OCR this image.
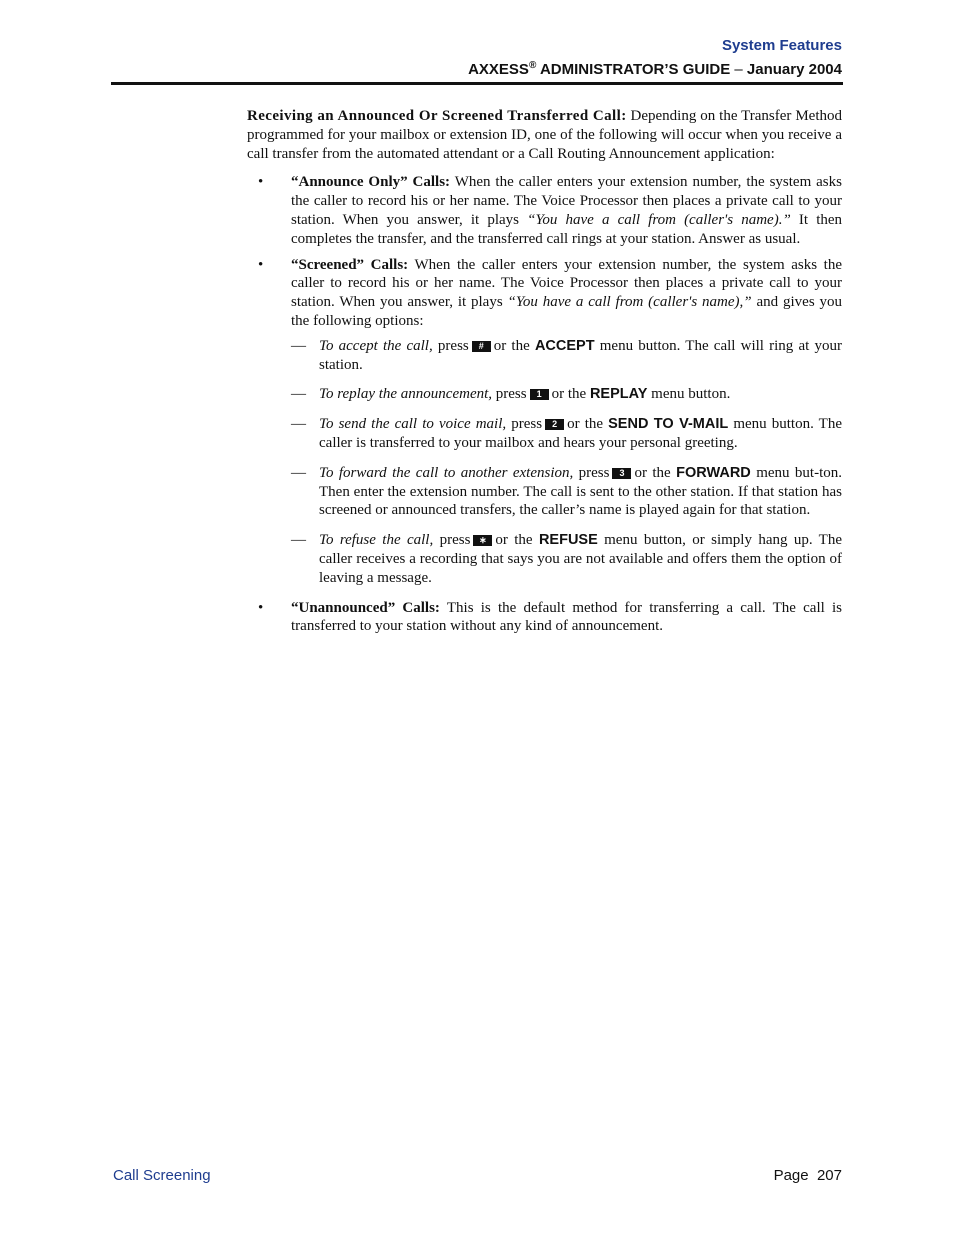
System Features
AXXESS® ADMINISTRATOR’S GUIDE – January 2004

Receiving an Announced Or Screened Transferred Call: Depending on the Transfer Method programmed for your mailbox or extension ID, one of the following will occur when you receive a call transfer from the automated attendant or a Call Routing Announcement application:

• “Announce Only” Calls: When the caller enters your extension number, the system asks the caller to record his or her name. The Voice Processor then places a private call to your station. When you answer, it plays “You have a call from (caller's name).” It then completes the transfer, and the transferred call rings at your station. Answer as usual.
• “Screened” Calls: When the caller enters your extension number, the system asks the caller to record his or her name. The Voice Processor then places a private call to your station. When you answer, it plays “You have a call from (caller's name),” and gives you the following options:
— To accept the call, press # or the ACCEPT menu button. The call will ring at your station.
— To replay the announcement, press 1 or the REPLAY menu button.
— To send the call to voice mail, press 2 or the SEND TO V-MAIL menu button. The caller is transferred to your mailbox and hears your personal greeting.
— To forward the call to another extension, press 3 or the FORWARD menu but-ton. Then enter the extension number. The call is sent to the other station. If that station has screened or announced transfers, the caller’s name is played again for that station.
— To refuse the call, press ∗ or the REFUSE menu button, or simply hang up. The caller receives a recording that says you are not available and offers them the option of leaving a message.
• “Unannounced” Calls: This is the default method for transferring a call. The call is transferred to your station without any kind of announcement.
Call Screening	Page 207
